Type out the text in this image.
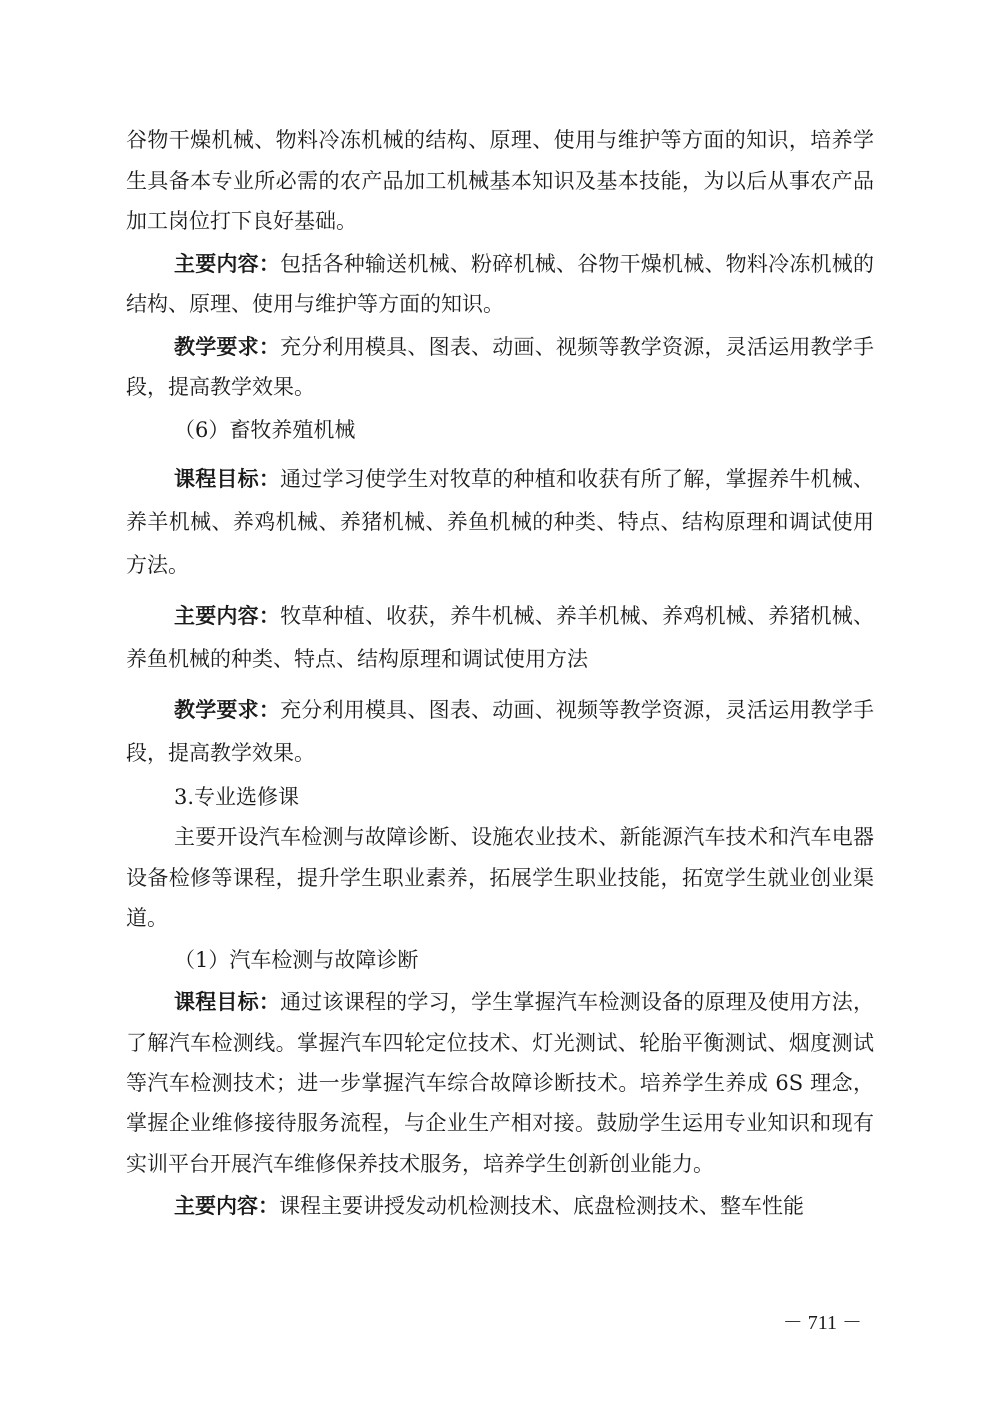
谷物干燥机械、物料冷冻机械的结构、原理、使用与维护等方面的知识，培养学生具备本专业所必需的农产品加工机械基本知识及基本技能，为以后从事农产品加工岗位打下良好基础。

主要内容：包括各种输送机械、粉碎机械、谷物干燥机械、物料冷冻机械的结构、原理、使用与维护等方面的知识。

教学要求：充分利用模具、图表、动画、视频等教学资源，灵活运用教学手段，提高教学效果。

（6）畜牧养殖机械

课程目标：通过学习使学生对牧草的种植和收获有所了解，掌握养牛机械、养羊机械、养鸡机械、养猪机械、养鱼机械的种类、特点、结构原理和调试使用方法。

主要内容：牧草种植、收获，养牛机械、养羊机械、养鸡机械、养猪机械、养鱼机械的种类、特点、结构原理和调试使用方法

教学要求：充分利用模具、图表、动画、视频等教学资源，灵活运用教学手段，提高教学效果。

3.专业选修课

主要开设汽车检测与故障诊断、设施农业技术、新能源汽车技术和汽车电器设备检修等课程，提升学生职业素养，拓展学生职业技能，拓宽学生就业创业渠道。

（1）汽车检测与故障诊断

课程目标：通过该课程的学习，学生掌握汽车检测设备的原理及使用方法，了解汽车检测线。掌握汽车四轮定位技术、灯光测试、轮胎平衡测试、烟度测试等汽车检测技术；进一步掌握汽车综合故障诊断技术。培养学生养成 6S 理念，掌握企业维修接待服务流程，与企业生产相对接。鼓励学生运用专业知识和现有实训平台开展汽车维修保养技术服务，培养学生创新创业能力。

主要内容：课程主要讲授发动机检测技术、底盘检测技术、整车性能

－ 711 －
